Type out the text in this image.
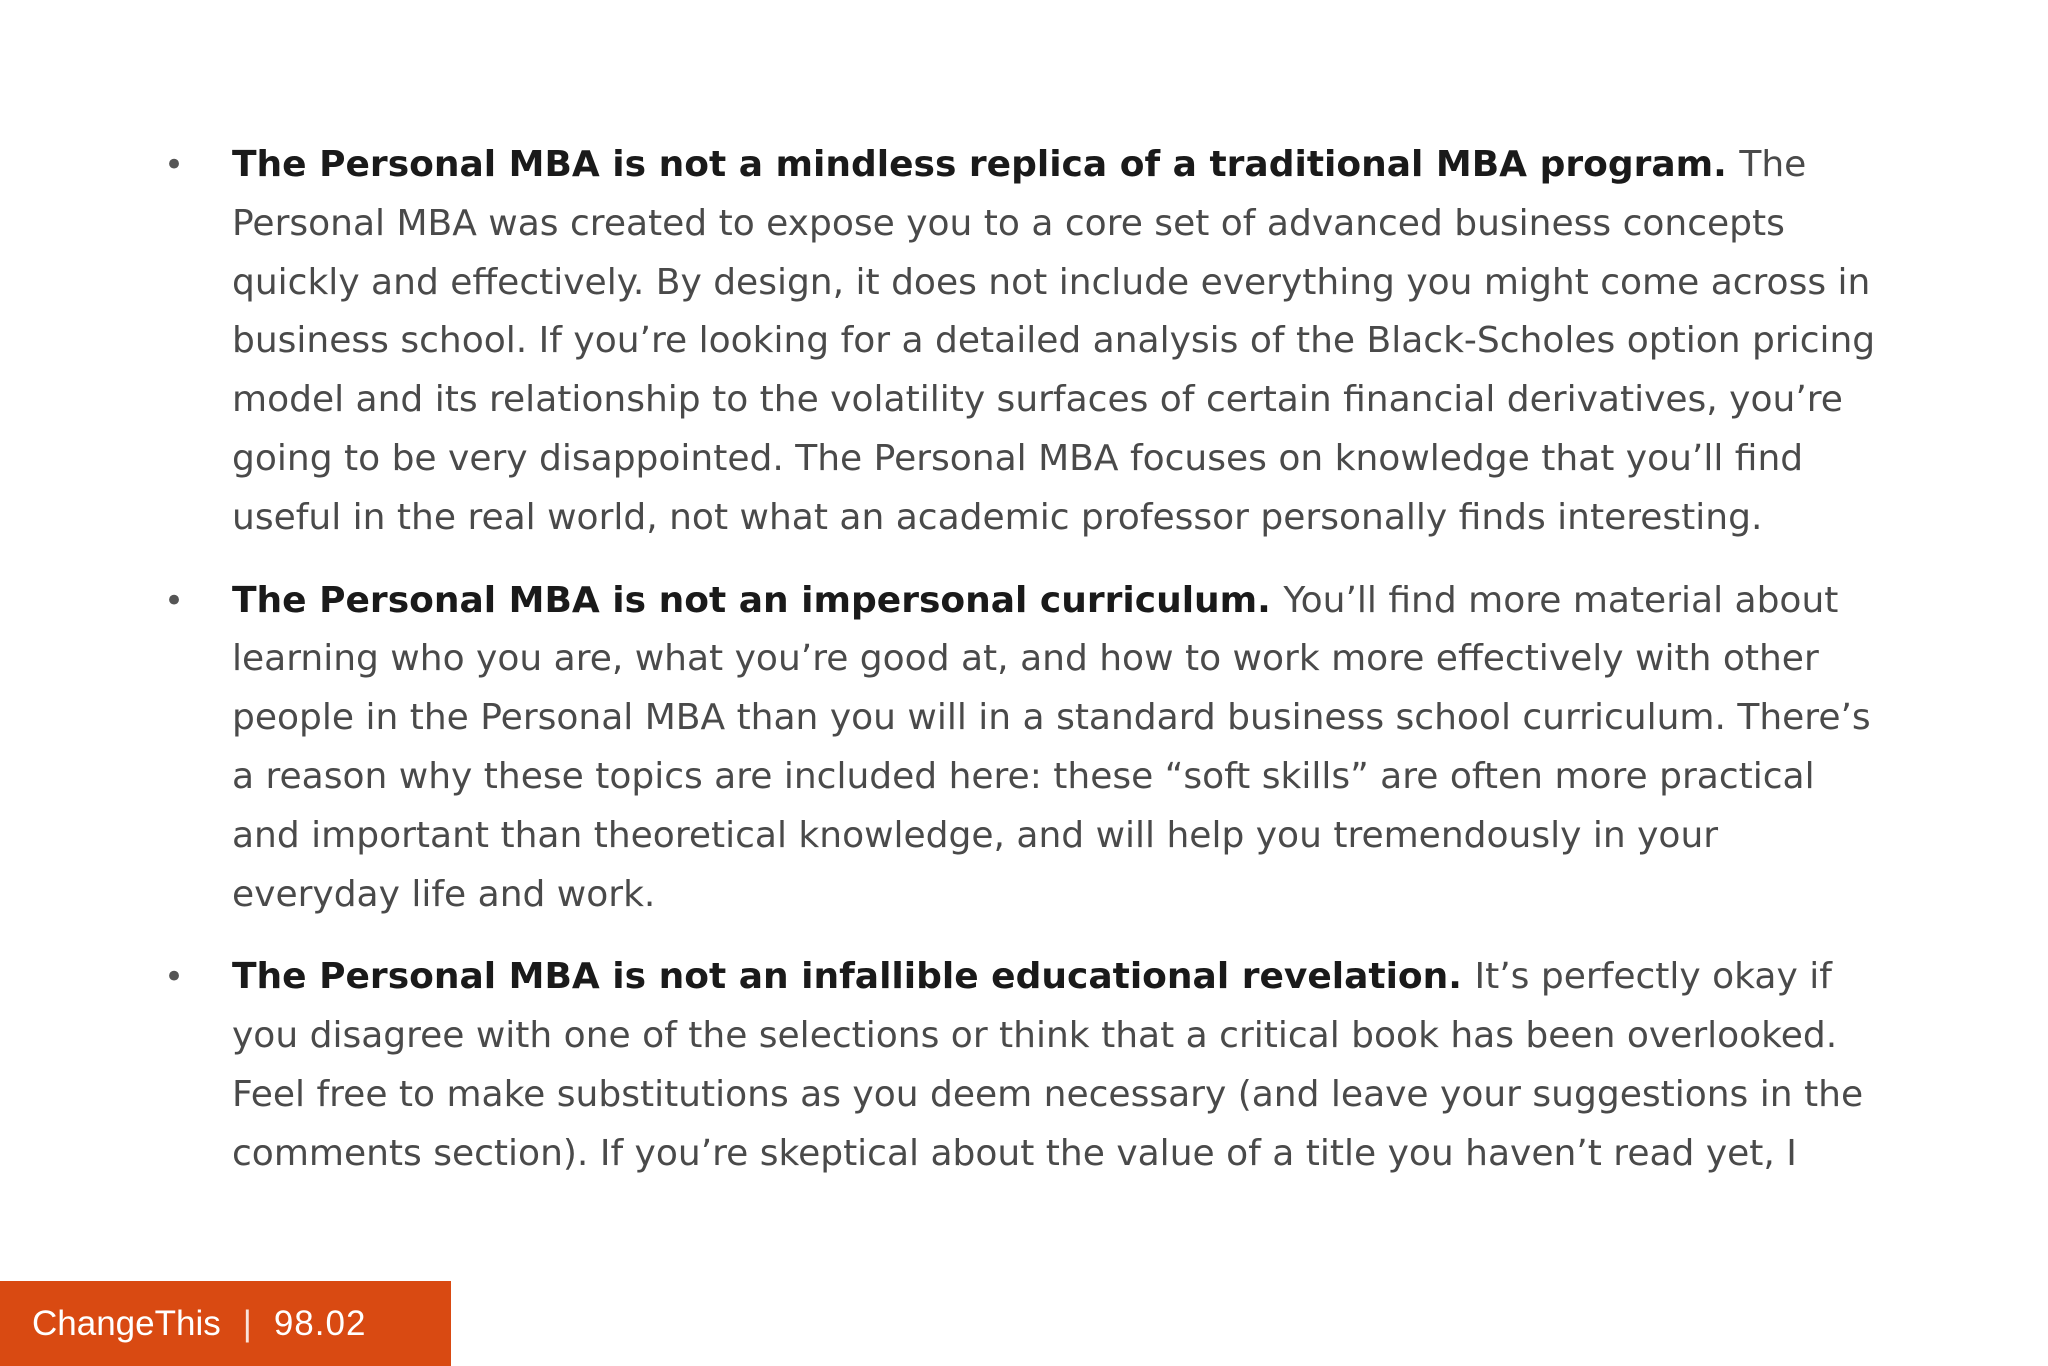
• The Personal MBA is not a mindless replica of a traditional MBA program. The Personal MBA was created to expose you to a core set of advanced business concepts quickly and effectively. By design, it does not include everything you might come across in business school. If you’re looking for a detailed analysis of the Black-Scholes option pricing model and its relationship to the volatility surfaces of certain financial derivatives, you’re going to be very disappointed. The Personal MBA focuses on knowledge that you’ll find useful in the real world, not what an academic professor personally finds interesting.
• The Personal MBA is not an impersonal curriculum. You’ll find more material about learning who you are, what you’re good at, and how to work more effectively with other people in the Personal MBA than you will in a standard business school curriculum. There’s a reason why these topics are included here: these “soft skills” are often more practical and important than theoretical knowledge, and will help you tremendously in your everyday life and work.
• The Personal MBA is not an infallible educational revelation. It’s perfectly okay if you disagree with one of the selections or think that a critical book has been overlooked. Feel free to make substitutions as you deem necessary (and leave your suggestions in the comments section). If you’re skeptical about the value of a title you haven’t read yet, I
ChangeThis | 98.02
